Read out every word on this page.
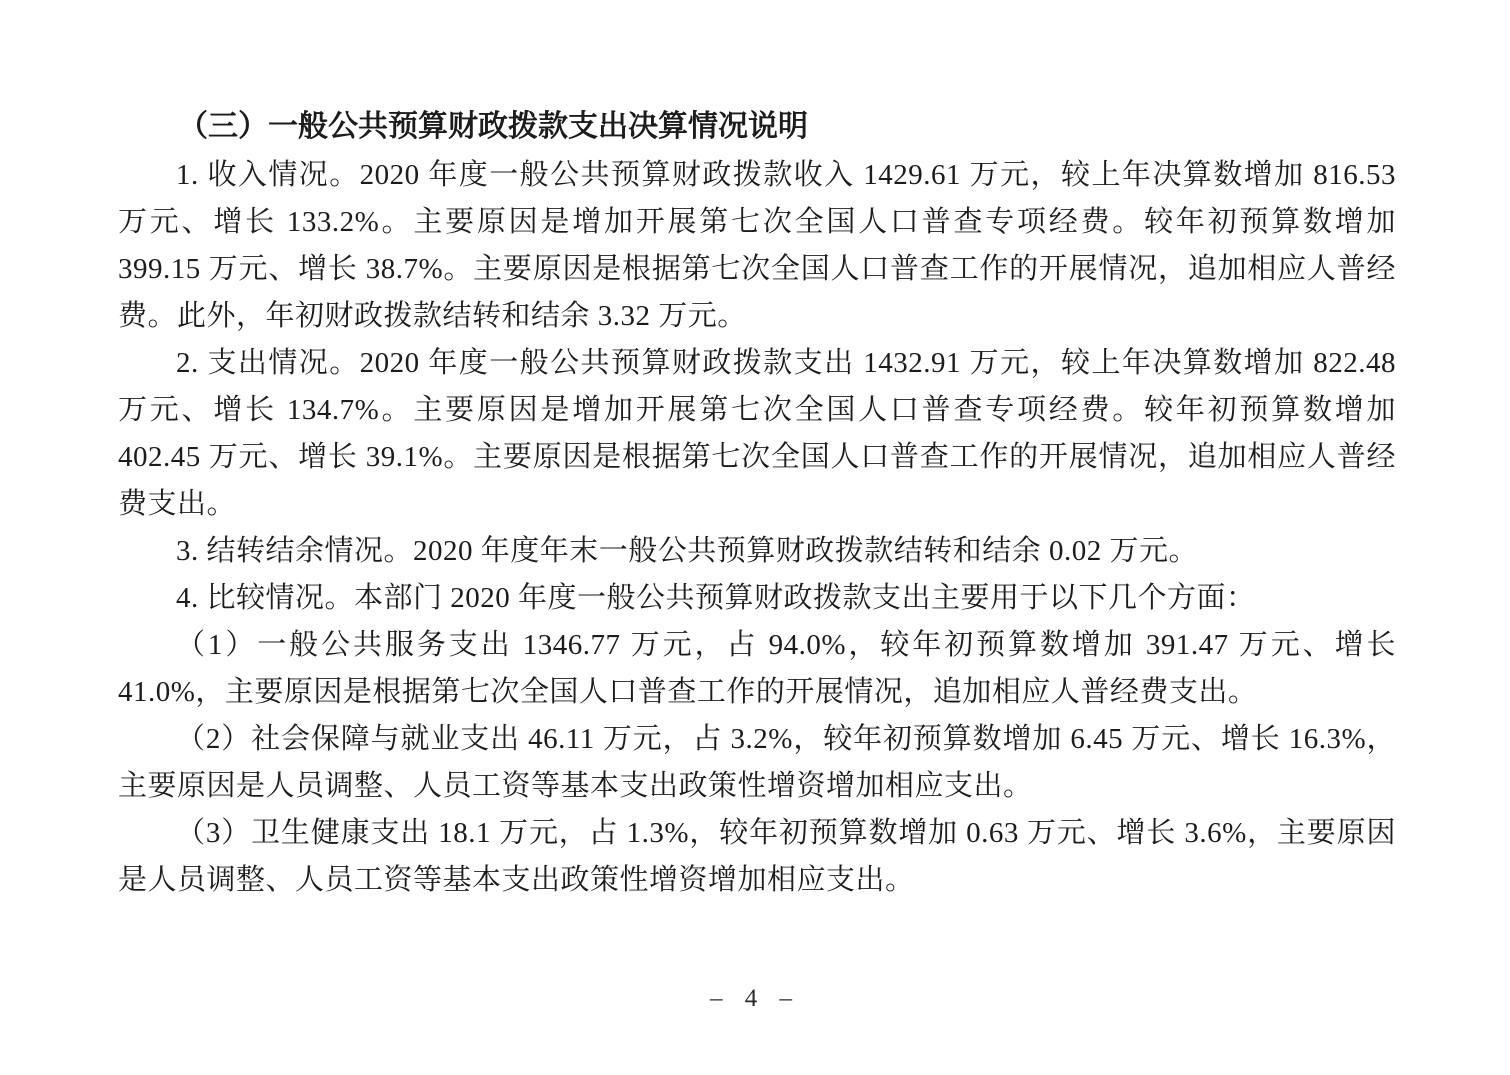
（三）一般公共预算财政拨款支出决算情况说明

1. 收入情况。2020 年度一般公共预算财政拨款收入 1429.61 万元，较上年决算数增加 816.53 万元、增长 133.2%。主要原因是增加开展第七次全国人口普查专项经费。较年初预算数增加 399.15 万元、增长 38.7%。主要原因是根据第七次全国人口普查工作的开展情况，追加相应人普经费。此外，年初财政拨款结转和结余 3.32 万元。

2. 支出情况。2020 年度一般公共预算财政拨款支出 1432.91 万元，较上年决算数增加 822.48 万元、增长 134.7%。主要原因是增加开展第七次全国人口普查专项经费。较年初预算数增加 402.45 万元、增长 39.1%。主要原因是根据第七次全国人口普查工作的开展情况，追加相应人普经费支出。

3. 结转结余情况。2020 年度年末一般公共预算财政拨款结转和结余 0.02 万元。

4. 比较情况。本部门 2020 年度一般公共预算财政拨款支出主要用于以下几个方面：

（1）一般公共服务支出 1346.77 万元，占 94.0%，较年初预算数增加 391.47 万元、增长 41.0%，主要原因是根据第七次全国人口普查工作的开展情况，追加相应人普经费支出。

（2）社会保障与就业支出 46.11 万元，占 3.2%，较年初预算数增加 6.45 万元、增长 16.3%，主要原因是人员调整、人员工资等基本支出政策性增资增加相应支出。

（3）卫生健康支出 18.1 万元，占 1.3%，较年初预算数增加 0.63 万元、增长 3.6%，主要原因是人员调整、人员工资等基本支出政策性增资增加相应支出。

– 4 –
